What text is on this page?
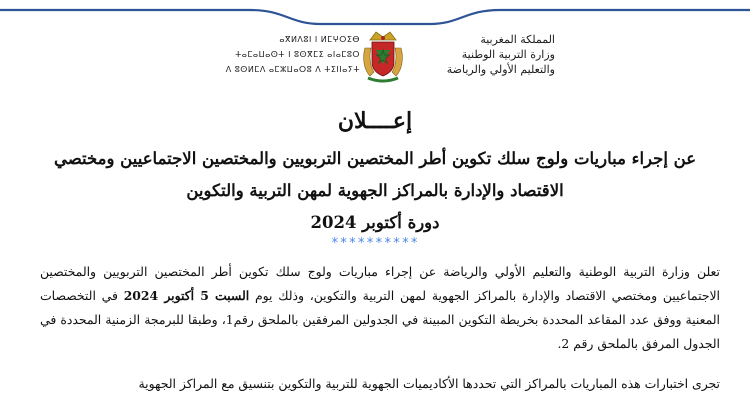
المملكة المغربية
وزارة التربية الوطنية
والتعليم الأولي والرياضة
ⴰⴳⵍⴷⵓⵏ ⵏ ⵍⵎⵖⵔⵉⴱ
ⵜⴰⵎⴰⵡⴰⵙⵜ ⵏ ⵓⵙⴳⵎⵉ ⴰⵏⴰⵎⵓⵔ
ⴷ ⵓⵙⵍⵎⴷ ⴰⵎⵣⵡⴰⵔⵓ ⴷ ⵜⵉⵏⵏⴰⵢⵜ
إعــــلان
عن إجراء مباريات ولوج سلك تكوين أطر المختصين التربويين والمختصين الاجتماعيين ومختصي
الاقتصاد والإدارة بالمراكز الجهوية لمهن التربية والتكوين
دورة أكتوبر 2024
**********
تعلن وزارة التربية الوطنية والتعليم الأولي والرياضة عن إجراء مباريات ولوج سلك تكوين أطر المختصين التربويين والمختصين الاجتماعيين ومختصي الاقتصاد والإدارة بالمراكز الجهوية لمهن التربية والتكوين، وذلك يوم السبت 5 أكتوبر 2024 في التخصصات المعنية ووفق عدد المقاعد المحددة بخريطة التكوين المبينة في الجدولين المرفقين بالملحق رقم1، وطبقا للبرمجة الزمنية المحددة في الجدول المرفق بالملحق رقم 2.
تجرى اختبارات هذه المباريات بالمراكز التي تحددها الأكاديميات الجهوية للتربية والتكوين بتنسيق مع المراكز الجهوية
